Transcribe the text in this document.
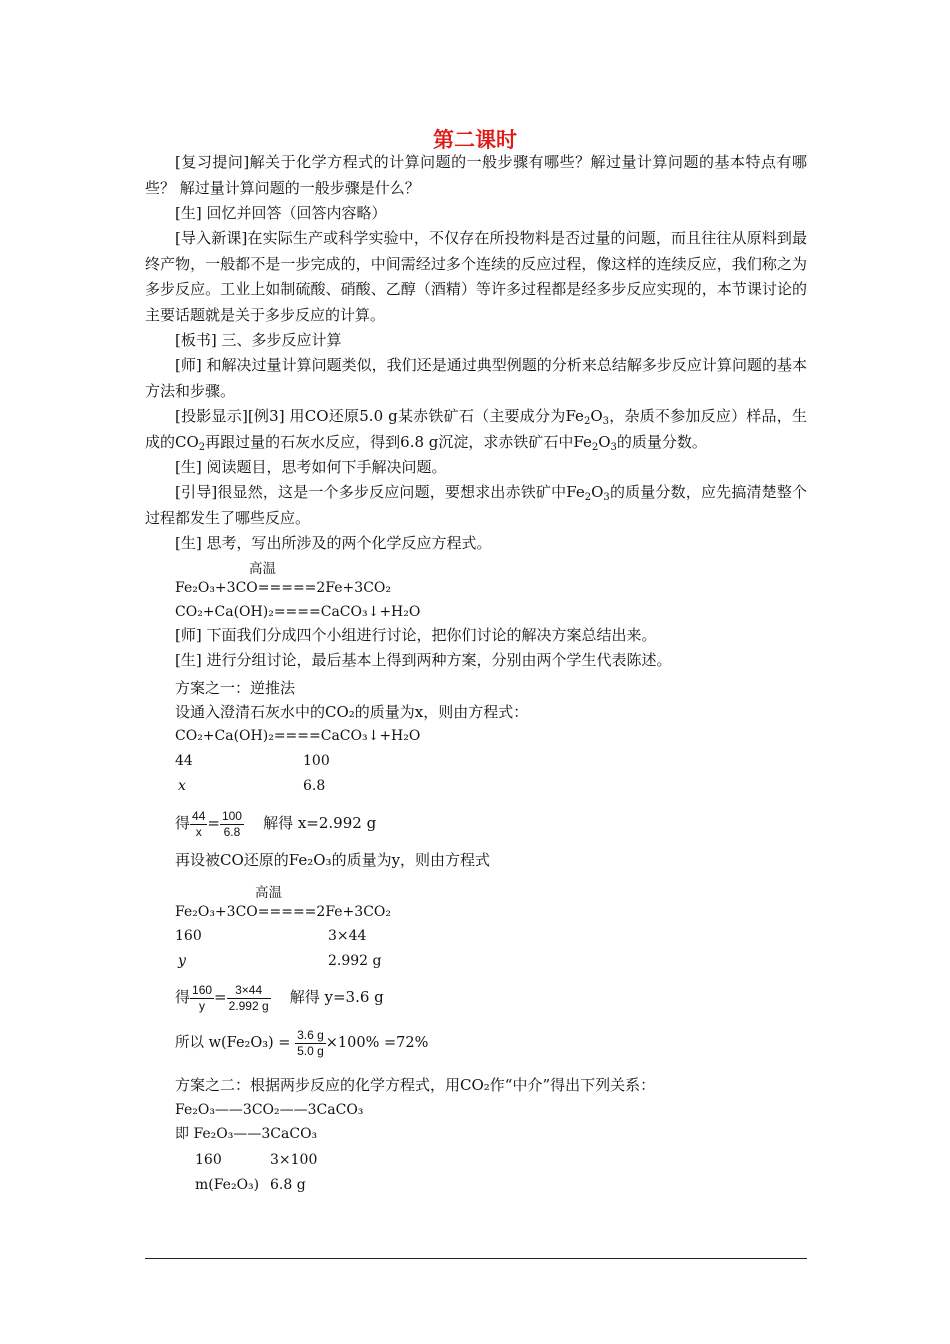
第二课时
[复习提问]解关于化学方程式的计算问题的一般步骤有哪些？解过量计算问题的基本特点有哪些？ 解过量计算问题的一般步骤是什么？
[生] 回忆并回答（回答内容略）
[导入新课]在实际生产或科学实验中，不仅存在所投物料是否过量的问题，而且往往从原料到最终产物，一般都不是一步完成的，中间需经过多个连续的反应过程，像这样的连续反应，我们称之为多步反应。工业上如制硫酸、硝酸、乙醇（酒精）等许多过程都是经多步反应实现的，本节课讨论的主要话题就是关于多步反应的计算。
[板书] 三、多步反应计算
[师] 和解决过量计算问题类似，我们还是通过典型例题的分析来总结解多步反应计算问题的基本方法和步骤。
[投影显示][例3] 用CO还原5.0 g某赤铁矿石（主要成分为$Fe_2O_3$，杂质不参加反应）样品，生成的$CO_2$再跟过量的石灰水反应，得到6.8 g沉淀，求赤铁矿石中$Fe_2O_3$的质量分数。
[生] 阅读题目，思考如何下手解决问题。
[引导]很显然，这是一个多步反应问题，要想求出赤铁矿中$Fe_2O_3$的质量分数，应先搞清楚整个过程都发生了哪些反应。
[生] 思考，写出所涉及的两个化学反应方程式。
高温
Fe₂O₃+3CO=====2Fe+3CO₂
CO₂+Ca(OH)₂====CaCO₃↓+H₂O
[师] 下面我们分成四个小组进行讨论，把你们讨论的解决方案总结出来。
[生] 进行分组讨论，最后基本上得到两种方案，分别由两个学生代表陈述。
方案之一：逆推法
设通入澄清石灰水中的CO₂的质量为x，则由方程式：
CO₂+Ca(OH)₂====CaCO₃↓+H₂O
44	100
x	6.8
得 $\frac{44}{x} = \frac{100}{6.8}$ 解得 x=2.992 g
再设被CO还原的Fe₂O₃的质量为y，则由方程式
高温
Fe₂O₃+3CO=====2Fe+3CO₂
160	3×44
y	2.992 g
得 $\frac{160}{y} = \frac{3\times 44}{2.992 g}$ 解得 y=3.6 g
所以 $w(Fe_2O_3) = \frac{3.6 g}{5.0 g} \times 100\% =72\%$
方案之二：根据两步反应的化学方程式，用CO₂作“中介”得出下列关系：
Fe₂O₃——3CO₂——3CaCO₃
即 Fe₂O₃——3CaCO₃
160	3×100
m(Fe₂O₃) 6.8 g
